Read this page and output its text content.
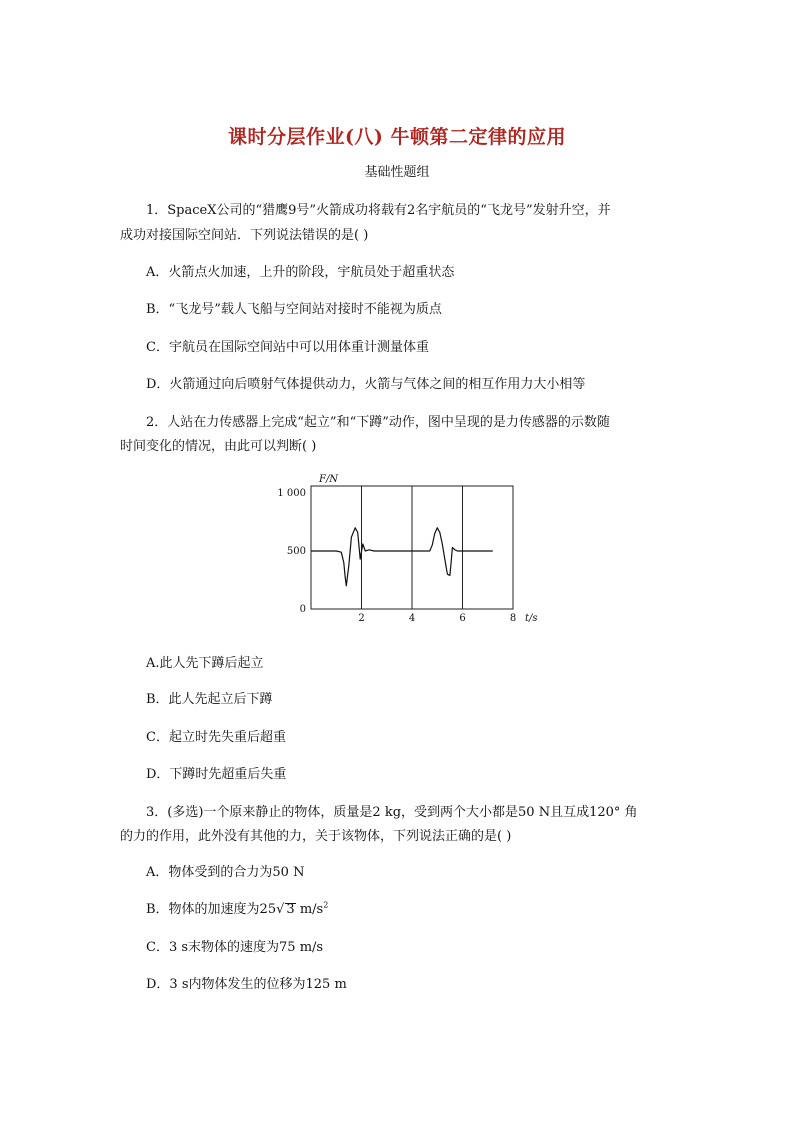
课时分层作业(八) 牛顿第二定律的应用
基础性题组
1．SpaceX公司的“猎鹰9号”火箭成功将载有2名宇航员的“飞龙号”发射升空，并
成功对接国际空间站．下列说法错误的是( )
A．火箭点火加速，上升的阶段，宇航员处于超重状态
B．“飞龙号”载人飞船与空间站对接时不能视为质点
C．宇航员在国际空间站中可以用体重计测量体重
D．火箭通过向后喷射气体提供动力，火箭与气体之间的相互作用力大小相等
2．人站在力传感器上完成“起立”和“下蹲”动作，图中呈现的是力传感器的示数随
时间变化的情况，由此可以判断( )
2	4	6	8
0
500
1 000
F/N
t/s
A.此人先下蹲后起立
B．此人先起立后下蹲
C．起立时先失重后超重
D．下蹲时先超重后失重
3．(多选)一个原来静止的物体，质量是2 kg，受到两个大小都是50 N且互成120° 角
的力的作用，此外没有其他的力，关于该物体，下列说法正确的是( )
A．物体受到的合力为50 N
B．物体的加速度为25√ 3 $m/s^2$
C．3 s末物体的速度为75 m/s
D．3 s内物体发生的位移为125 m
